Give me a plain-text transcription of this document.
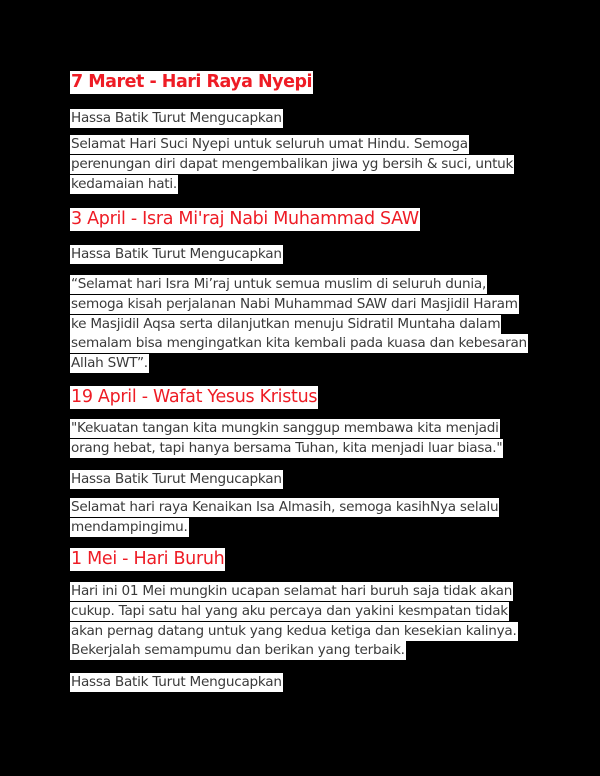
7 Maret - Hari Raya Nyepi
Hassa Batik Turut Mengucapkan
Selamat Hari Suci Nyepi untuk seluruh umat Hindu. Semoga perenungan diri dapat mengembalikan jiwa yg bersih & suci, untuk kedamaian hati.
3 April - Isra Mi'raj Nabi Muhammad SAW
Hassa Batik Turut Mengucapkan
“Selamat hari Isra Mi’raj untuk semua muslim di seluruh dunia, semoga kisah perjalanan Nabi Muhammad SAW dari Masjidil Haram ke Masjidil Aqsa serta dilanjutkan menuju Sidratil Muntaha dalam semalam bisa mengingatkan kita kembali pada kuasa dan kebesaran Allah SWT”.
19 April - Wafat Yesus Kristus
"Kekuatan tangan kita mungkin sanggup membawa kita menjadi orang hebat, tapi hanya bersama Tuhan, kita menjadi luar biasa."
Hassa Batik Turut Mengucapkan
Selamat hari raya Kenaikan Isa Almasih, semoga kasihNya selalu mendampingimu.
1 Mei - Hari Buruh
Hari ini 01 Mei mungkin ucapan selamat hari buruh saja tidak akan cukup. Tapi satu hal yang aku percaya dan yakini kesmpatan tidak akan pernag datang untuk yang kedua ketiga dan kesekian kalinya. Bekerjalah semampumu dan berikan yang terbaik.
Hassa Batik Turut Mengucapkan
